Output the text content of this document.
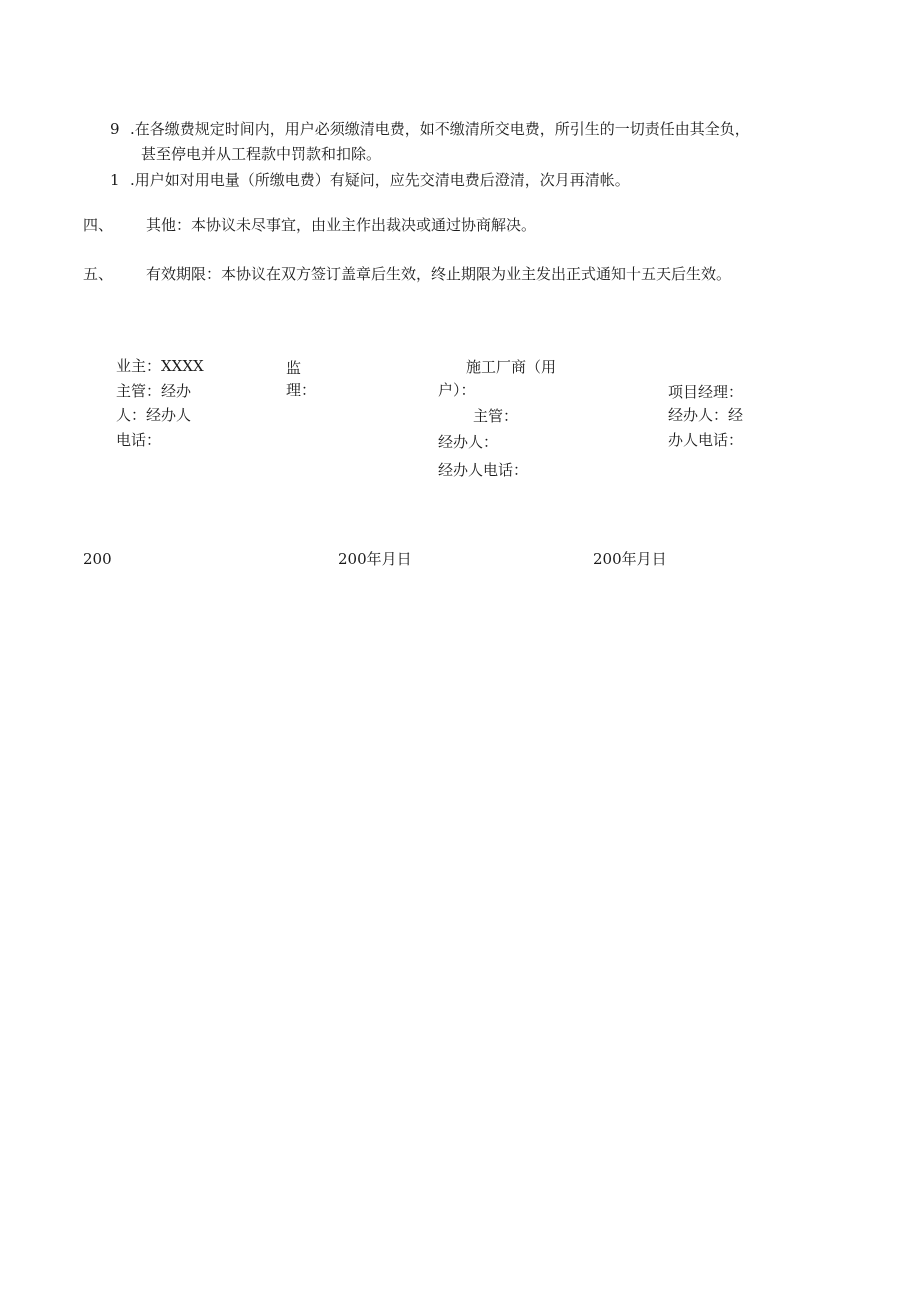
9 .在各缴费规定时间内，用户必须缴清电费，如不缴清所交电费，所引生的一切责任由其全负，
甚至停电并从工程款中罚款和扣除。
1 .用户如对用电量（所缴电费）有疑问，应先交清电费后澄清，次月再清帐。
四、 其他：本协议未尽事宜，由业主作出裁决或通过协商解决。
五、 有效期限：本协议在双方签订盖章后生效，终止期限为业主发出正式通知十五天后生效。
业主：XXXX
主管：经办
人：经办人
电话：
监
理：
施工厂商（用
户）：
主管：
经办人：
经办人电话：
项目经理：
经办人：经
办人电话：
200	200年月日	200年月日
